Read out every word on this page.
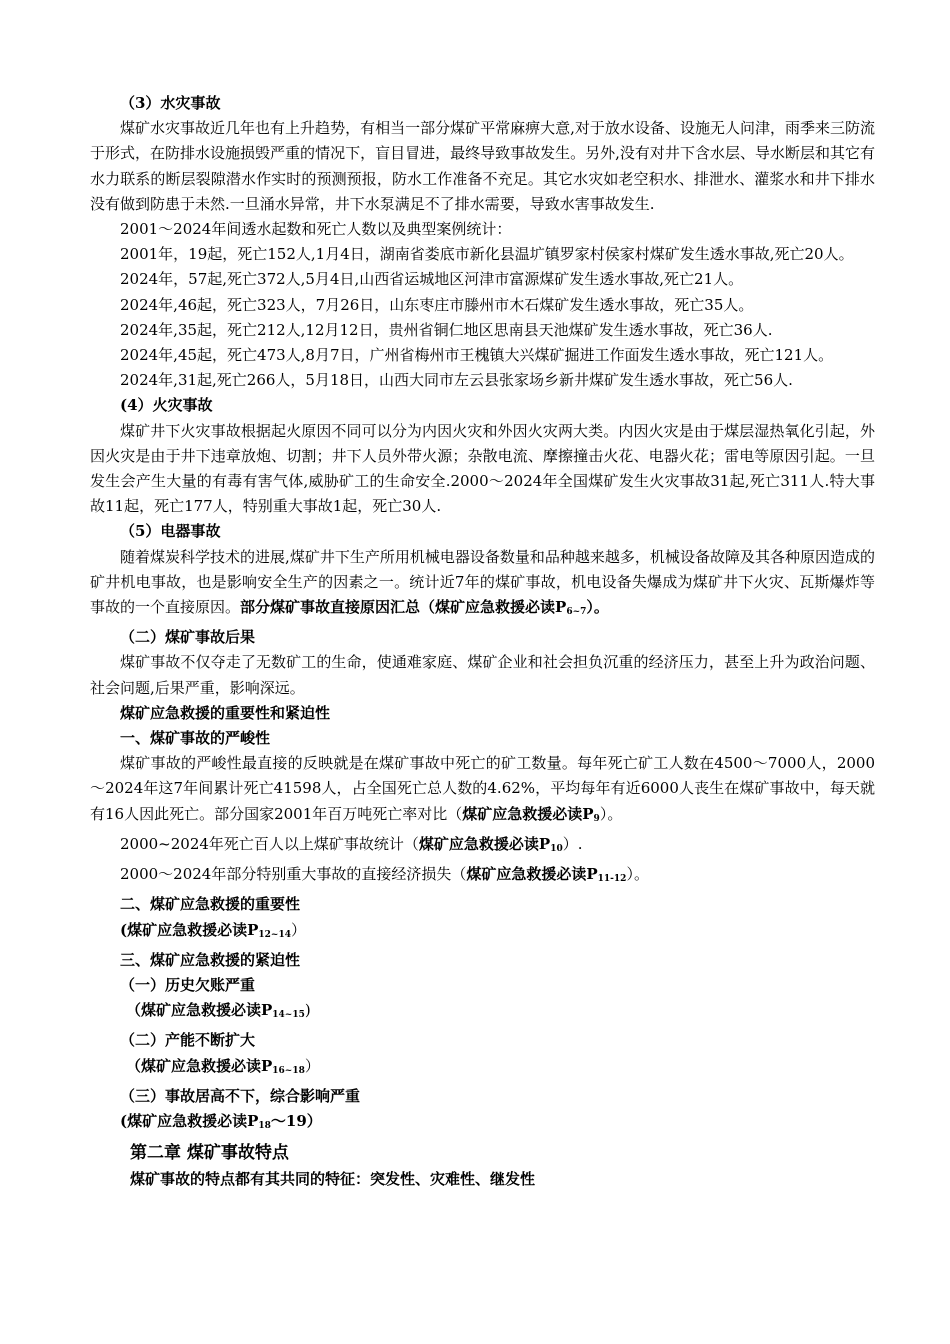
（3）水灾事故

煤矿水灾事故近几年也有上升趋势，有相当一部分煤矿平常麻痹大意,对于放水设备、设施无人问津，雨季来三防流于形式，在防排水设施损毁严重的情况下，盲目冒进，最终导致事故发生。另外,没有对井下含水层、导水断层和其它有水力联系的断层裂隙潜水作实时的预测预报，防水工作准备不充足。其它水灾如老空积水、排泄水、灌浆水和井下排水没有做到防患于未然.一旦涌水异常，井下水泵满足不了排水需要，导致水害事故发生.

2001～2024年间透水起数和死亡人数以及典型案例统计：

2001年，19起，死亡152人,1月4日，湖南省娄底市新化县温圹镇罗家村侯家村煤矿发生透水事故,死亡20人。

2024年，57起,死亡372人,5月4日,山西省运城地区河津市富源煤矿发生透水事故,死亡21人。

2024年,46起，死亡323人，7月26日，山东枣庄市滕州市木石煤矿发生透水事故，死亡35人。

2024年,35起，死亡212人,12月12日，贵州省铜仁地区思南县天池煤矿发生透水事故，死亡36人.

2024年,45起，死亡473人,8月7日，广州省梅州市王槐镇大兴煤矿掘进工作面发生透水事故，死亡121人。

2024年,31起,死亡266人，5月18日，山西大同市左云县张家场乡新井煤矿发生透水事故，死亡56人.

(4）火灾事故

煤矿井下火灾事故根据起火原因不同可以分为内因火灾和外因火灾两大类。内因火灾是由于煤层湿热氧化引起，外因火灾是由于井下违章放炮、切割；井下人员外带火源；杂散电流、摩擦撞击火花、电器火花；雷电等原因引起。一旦发生会产生大量的有毒有害气体,威胁矿工的生命安全.2000～2024年全国煤矿发生火灾事故31起,死亡311人.特大事故11起，死亡177人，特别重大事故1起，死亡30人.

（5）电器事故

随着煤炭科学技术的进展,煤矿井下生产所用机械电器设备数量和品种越来越多，机械设备故障及其各种原因造成的矿井机电事故，也是影响安全生产的因素之一。统计近7年的煤矿事故，机电设备失爆成为煤矿井下火灾、瓦斯爆炸等事故的一个直接原因。部分煤矿事故直接原因汇总（煤矿应急救援必读$P_{6\sim 7}$）。

（二）煤矿事故后果

煤矿事故不仅夺走了无数矿工的生命，使通难家庭、煤矿企业和社会担负沉重的经济压力，甚至上升为政治问题、社会问题,后果严重，影响深远。

煤矿应急救援的重要性和紧迫性

一、煤矿事故的严峻性

煤矿事故的严峻性最直接的反映就是在煤矿事故中死亡的矿工数量。每年死亡矿工人数在4500～7000人，2000～2024年这7年间累计死亡41598人，占全国死亡总人数的4.62%，平均每年有近6000人丧生在煤矿事故中，每天就有16人因此死亡。部分国家2001年百万吨死亡率对比（煤矿应急救援必读$P_9$）。

2000~2024年死亡百人以上煤矿事故统计（煤矿应急救援必读$P_{10}$）.

2000～2024年部分特别重大事故的直接经济损失（煤矿应急救援必读$P_{11-12}$）。

二、煤矿应急救援的重要性

(煤矿应急救援必读$P_{12\sim 14}$）

三、煤矿应急救援的紧迫性

（一）历史欠账严重

（煤矿应急救援必读$P_{14\sim 15}$)

（二）产能不断扩大

（煤矿应急救援必读$P_{16\sim 18}$）

（三）事故居高不下，综合影响严重

(煤矿应急救援必读$P_{18}\sim 19$）

第二章 煤矿事故特点

煤矿事故的特点都有其共同的特征：突发性、灾难性、继发性
